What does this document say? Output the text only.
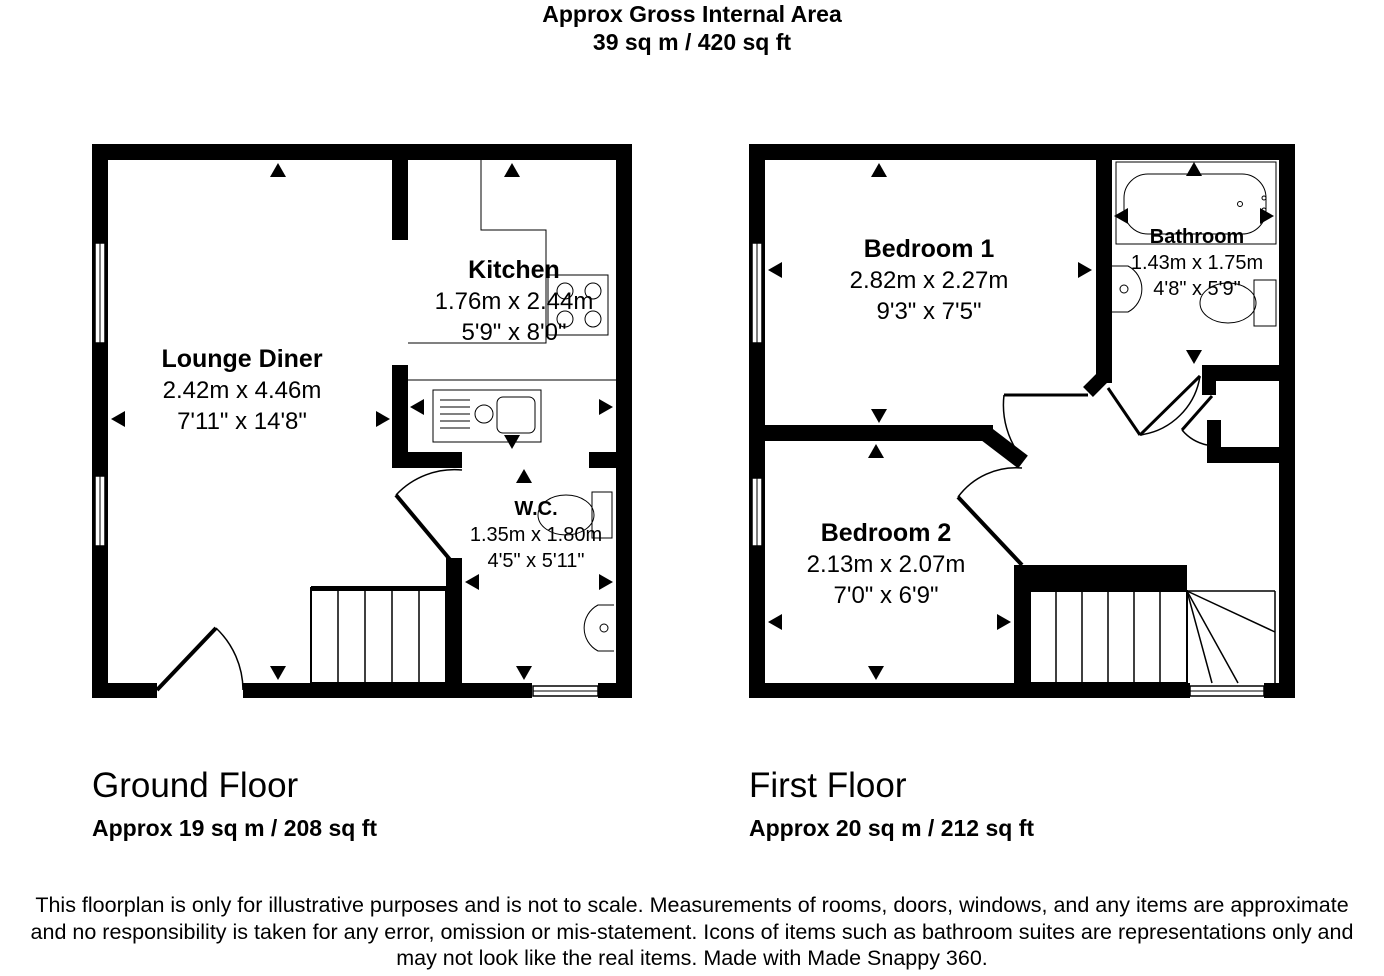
Approx Gross Internal Area
39 sq m / 420 sq ft
Lounge Diner
2.42m x 4.46m
7'11" x 14'8"
Kitchen
1.76m x 2.44m
5'9" x 8'0"
W.C.
1.35m x 1.80m
4'5" x 5'11"
Bedroom 1
2.82m x 2.27m
9'3" x 7'5"
Bathroom
1.43m x 1.75m
4'8" x 5'9"
Bedroom 2
2.13m x 2.07m
7'0" x 6'9"
Ground Floor
Approx 19 sq m / 208 sq ft
First Floor
Approx 20 sq m / 212 sq ft
This floorplan is only for illustrative purposes and is not to scale. Measurements of rooms, doors, windows, and any items are approximate
and no responsibility is taken for any error, omission or mis-statement. Icons of items such as bathroom suites are representations only and
may not look like the real items. Made with Made Snappy 360.
